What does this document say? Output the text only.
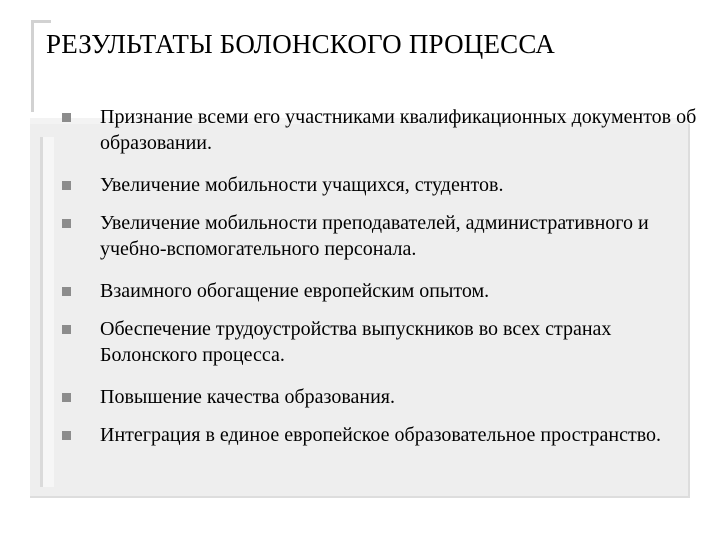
РЕЗУЛЬТАТЫ БОЛОНСКОГО ПРОЦЕССА
Признание всеми его участниками квалификационных документов об образовании.
Увеличение мобильности учащихся, студентов.
Увеличение мобильности преподавателей, административного и учебно-вспомогательного персонала.
Взаимного обогащение европейским опытом.
Обеспечение трудоустройства выпускников во всех странах Болонского процесса.
Повышение качества образования.
Интеграция в единое европейское образовательное пространство.
